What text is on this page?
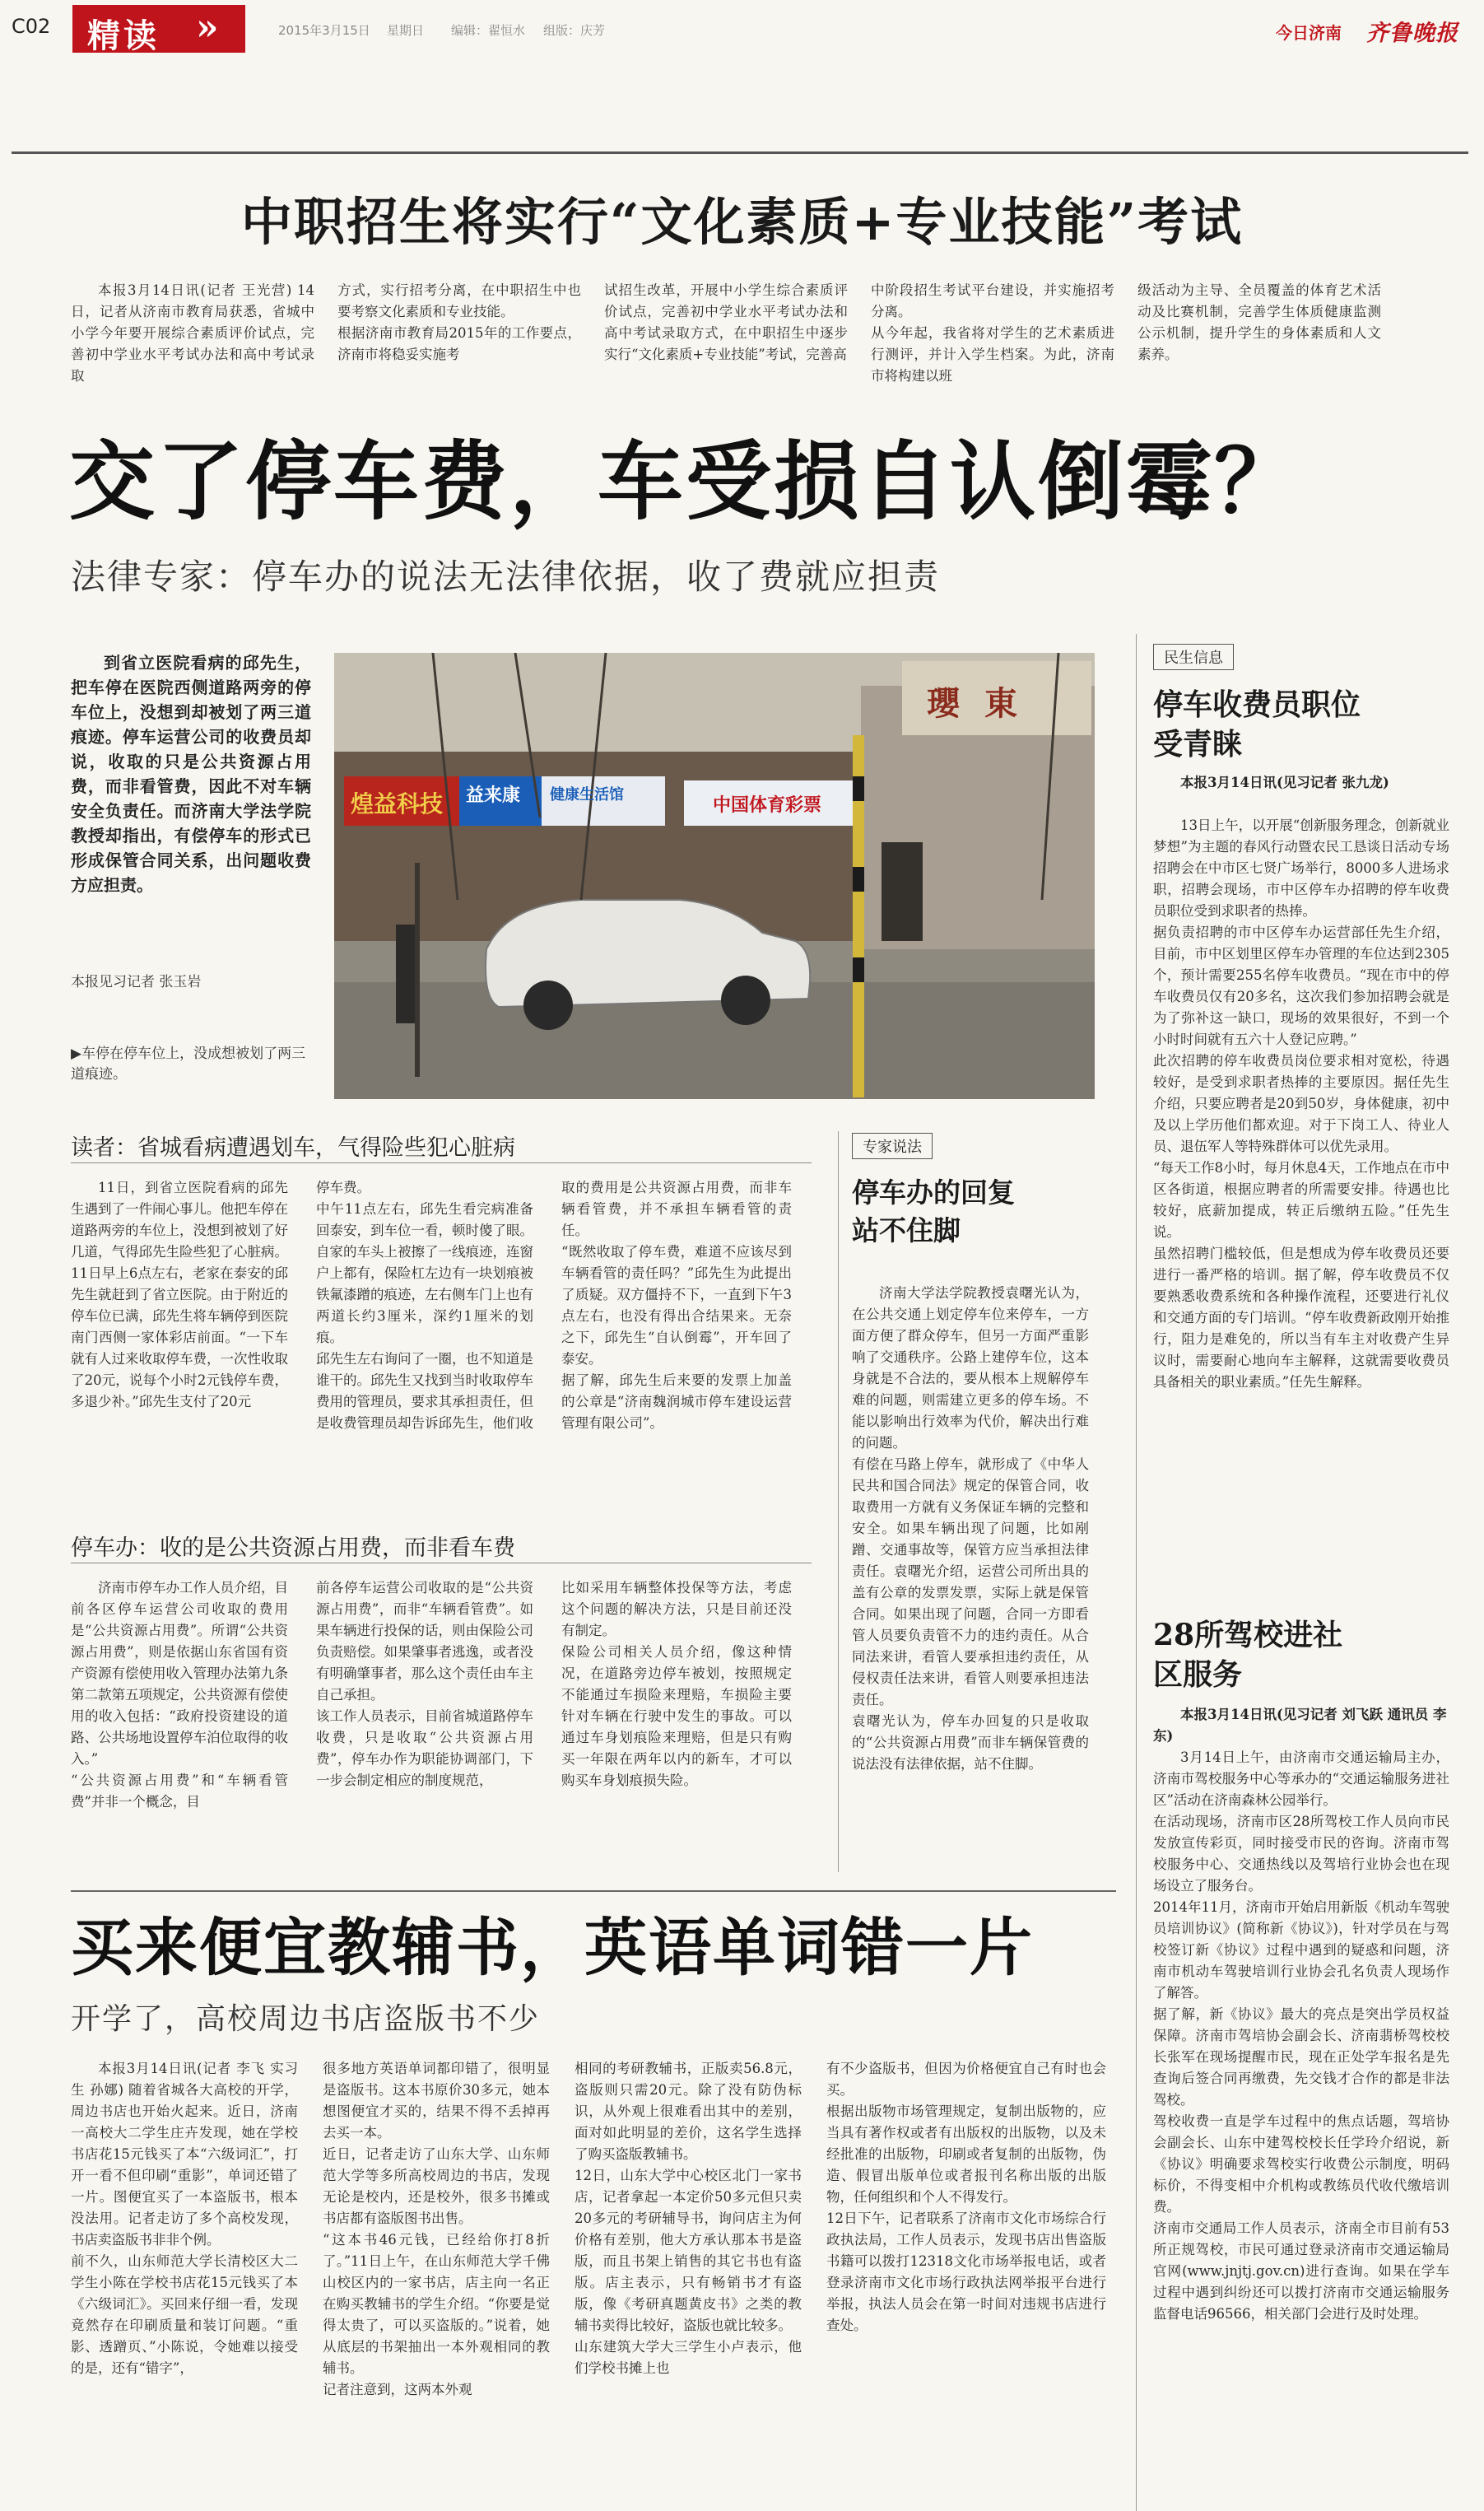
C02 精读 »	2015年3月15日 星期日 编辑：翟恒水 组版：庆芳	今日济南 齐鲁晚报
中职招生将实行“文化素质+专业技能”考试
本报3月14日讯(记者 王光营) 14日，记者从济南市教育局获悉，省城中小学今年要开展综合素质评价试点，完善初中学业水平考试办法和高中考试录取
方式，实行招考分离，在中职招生中也要考察文化素质和专业技能。
根据济南市教育局2015年的工作要点，济南市将稳妥实施考
试招生改革，开展中小学生综合素质评价试点，完善初中学业水平考试办法和高中考试录取方式，在中职招生中逐步实行“文化素质+专业技能”考试，完善高
中阶段招生考试平台建设，并实施招考分离。
从今年起，我省将对学生的艺术素质进行测评，并计入学生档案。为此，济南市将构建以班
级活动为主导、全员覆盖的体育艺术活动及比赛机制，完善学生体质健康监测公示机制，提升学生的身体素质和人文素养。
交了停车费，车受损自认倒霉？
法律专家：停车办的说法无法律依据，收了费就应担责
到省立医院看病的邱先生，把车停在医院西侧道路两旁的停车位上，没想到却被划了两三道痕迹。停车运营公司的收费员却说，收取的只是公共资源占用费，而非看管费，因此不对车辆安全负责任。而济南大学法学院教授却指出，有偿停车的形式已形成保管合同关系，出问题收费方应担责。
本报见习记者 张玉岩
▶车停在停车位上，没成想被划了两三道痕迹。
煌益科技 益来康 健康生活馆
中国体育彩票
瓔東
读者：省城看病遭遇划车，气得险些犯心脏病
11日，到省立医院看病的邱先生遇到了一件闹心事儿。他把车停在道路两旁的车位上，没想到被划了好几道，气得邱先生险些犯了心脏病。
11日早上6点左右，老家在泰安的邱先生就赶到了省立医院。由于附近的停车位已满，邱先生将车辆停到医院南门西侧一家体彩店前面。“一下车就有人过来收取停车费，一次性收取了20元，说每个小时2元钱停车费，多退少补。”邱先生支付了20元
停车费。
中午11点左右，邱先生看完病准备回泰安，到车位一看，顿时傻了眼。自家的车头上被擦了一线痕迹，连窗户上都有，保险杠左边有一块划痕被铁氟漆蹭的痕迹，左右侧车门上也有两道长约3厘米，深约1厘米的划痕。
邱先生左右询问了一圈，也不知道是谁干的。邱先生又找到当时收取停车费用的管理员，要求其承担责任，但是收费管理员却告诉邱先生，他们收
取的费用是公共资源占用费，而非车辆看管费，并不承担车辆看管的责任。
“既然收取了停车费，难道不应该尽到车辆看管的责任吗？”邱先生为此提出了质疑。双方僵持不下，一直到下午3点左右，也没有得出合结果来。无奈之下，邱先生“自认倒霉”，开车回了泰安。
据了解，邱先生后来要的发票上加盖的公章是“济南魏润城市停车建设运营管理有限公司”。
停车办：收的是公共资源占用费，而非看车费
济南市停车办工作人员介绍，目前各区停车运营公司收取的费用是“公共资源占用费”。所谓“公共资源占用费”，则是依据山东省国有资产资源有偿使用收入管理办法第九条第二款第五项规定，公共资源有偿使用的收入包括：“政府投资建设的道路、公共场地设置停车泊位取得的收入。”
“公共资源占用费”和“车辆看管费”并非一个概念，目
前各停车运营公司收取的是“公共资源占用费”，而非“车辆看管费”。如果车辆进行投保的话，则由保险公司负责赔偿。如果肇事者逃逸，或者没有明确肇事者，那么这个责任由车主自己承担。
该工作人员表示，目前省城道路停车收费，只是收取“公共资源占用费”，停车办作为职能协调部门，下一步会制定相应的制度规范，
比如采用车辆整体投保等方法，考虑这个问题的解决方法，只是目前还没有制定。
保险公司相关人员介绍，像这种情况，在道路旁边停车被划，按照规定不能通过车损险来理赔，车损险主要针对车辆在行驶中发生的事故。可以通过车身划痕险来理赔，但是只有购买一年限在两年以内的新车，才可以购买车身划痕损失险。
专家说法
停车办的回复站不住脚
济南大学法学院教授袁曙光认为，在公共交通上划定停车位来停车，一方面方便了群众停车，但另一方面严重影响了交通秩序。公路上建停车位，这本身就是不合法的，要从根本上规解停车难的问题，则需建立更多的停车场。不能以影响出行效率为代价，解决出行难的问题。
有偿在马路上停车，就形成了《中华人民共和国合同法》规定的保管合同，收取费用一方就有义务保证车辆的完整和安全。如果车辆出现了问题，比如剐蹭、交通事故等，保管方应当承担法律责任。袁曙光介绍，运营公司所出具的盖有公章的发票发票，实际上就是保管合同。如果出现了问题，合同一方即看管人员要负责管不力的违约责任。从合同法来讲，看管人要承担违约责任，从侵权责任法来讲，看管人则要承担违法责任。
袁曙光认为，停车办回复的只是收取的“公共资源占用费”而非车辆保管费的说法没有法律依据，站不住脚。
民生信息
停车收费员职位受青睐
本报3月14日讯(见习记者 张九龙)
13日上午，以开展“创新服务理念，创新就业梦想”为主题的春风行动暨农民工恳谈日活动专场招聘会在中市区七贤广场举行，8000多人进场求职，招聘会现场，市中区停车办招聘的停车收费员职位受到求职者的热捧。
据负责招聘的市中区停车办运营部任先生介绍，目前，市中区划里区停车办管理的车位达到2305个，预计需要255名停车收费员。“现在市中的停车收费员仅有20多名，这次我们参加招聘会就是为了弥补这一缺口，现场的效果很好，不到一个小时时间就有五六十人登记应聘。”
此次招聘的停车收费员岗位要求相对宽松，待遇较好，是受到求职者热捧的主要原因。据任先生介绍，只要应聘者是20到50岁，身体健康，初中及以上学历他们都欢迎。对于下岗工人、待业人员、退伍军人等特殊群体可以优先录用。
“每天工作8小时，每月休息4天，工作地点在市中区各街道，根据应聘者的所需要安排。待遇也比较好，底薪加提成，转正后缴纳五险。”任先生说。
虽然招聘门槛较低，但是想成为停车收费员还要进行一番严格的培训。据了解，停车收费员不仅要熟悉收费系统和各种操作流程，还要进行礼仪和交通方面的专门培训。“停车收费新政刚开始推行，阻力是难免的，所以当有车主对收费产生异议时，需要耐心地向车主解释，这就需要收费员具备相关的职业素质。”任先生解释。
28所驾校进社区服务
本报3月14日讯(见习记者 刘飞跃 通讯员 李东)
3月14日上午，由济南市交通运输局主办，济南市驾校服务中心等承办的“交通运输服务进社区”活动在济南森林公园举行。
在活动现场，济南市区28所驾校工作人员向市民发放宣传彩页，同时接受市民的咨询。济南市驾校服务中心、交通热线以及驾培行业协会也在现场设立了服务台。
2014年11月，济南市开始启用新版《机动车驾驶员培训协议》(简称新《协议》)，针对学员在与驾校签订新《协议》过程中遇到的疑惑和问题，济南市机动车驾驶培训行业协会孔名负责人现场作了解答。
据了解，新《协议》最大的亮点是突出学员权益保障。济南市驾培协会副会长、济南翡桥驾校校长张军在现场提醒市民，现在正处学车报名是先查询后签合同再缴费，先交钱才合作的都是非法驾校。
驾校收费一直是学车过程中的焦点话题，驾培协会副会长、山东中建驾校校长任学玲介绍说，新《协议》明确要求驾校实行收费公示制度，明码标价，不得变相中介机构或教练员代收代缴培训费。
济南市交通局工作人员表示，济南全市目前有53所正规驾校，市民可通过登录济南市交通运输局官网(www.jnjtj.gov.cn)进行查询。如果在学车过程中遇到纠纷还可以拨打济南市交通运输服务监督电话96566，相关部门会进行及时处理。
买来便宜教辅书，英语单词错一片
开学了，高校周边书店盗版书不少
本报3月14日讯(记者 李飞 实习生 孙娜) 随着省城各大高校的开学，周边书店也开始火起来。近日，济南一高校大二学生庄卉发现，她在学校书店花15元钱买了本“六级词汇”，打开一看不但印刷“重影”，单词还错了一片。图便宜买了一本盗版书，根本没法用。记者走访了多个高校发现，书店卖盗版书非非个例。
前不久，山东师范大学长清校区大二学生小陈在学校书店花15元钱买了本《六级词汇》。买回来仔细一看，发现竟然存在印刷质量和装订问题。“重影、透蹭页、”小陈说，令她难以接受的是，还有“错字”，
很多地方英语单词都印错了，很明显是盗版书。这本书原价30多元，她本想图便宜才买的，结果不得不丢掉再去买一本。
近日，记者走访了山东大学、山东师范大学等多所高校周边的书店，发现无论是校内，还是校外，很多书摊或书店都有盗版图书出售。
“这本书46元钱，已经给你打8折了。”11日上午，在山东师范大学千佛山校区内的一家书店，店主向一名正在购买教辅书的学生介绍。“你要是觉得太贵了，可以买盗版的。”说着，她从底层的书架抽出一本外观相同的教辅书。
记者注意到，这两本外观
相同的考研教辅书，正版卖56.8元，盗版则只需20元。除了没有防伪标识，从外观上很难看出其中的差别，面对如此明显的差价，这名学生选择了购买盗版教辅书。
12日，山东大学中心校区北门一家书店，记者拿起一本定价50多元但只卖20多元的考研辅导书，询问店主为何价格有差别，他大方承认那本书是盗版，而且书架上销售的其它书也有盗版。店主表示，只有畅销书才有盗版，像《考研真题黄皮书》之类的教辅书卖得比较好，盗版也就比较多。
山东建筑大学大三学生小卢表示，他们学校书摊上也
有不少盗版书，但因为价格便宜自己有时也会买。
根据出版物市场管理规定，复制出版物的，应当具有著作权或者有出版权的出版物，以及未经批准的出版物，印刷或者复制的出版物，伪造、假冒出版单位或者报刊名称出版的出版物，任何组织和个人不得发行。
12日下午，记者联系了济南市文化市场综合行政执法局，工作人员表示，发现书店出售盗版书籍可以拨打12318文化市场举报电话，或者登录济南市文化市场行政执法网举报平台进行举报，执法人员会在第一时间对违规书店进行查处。
